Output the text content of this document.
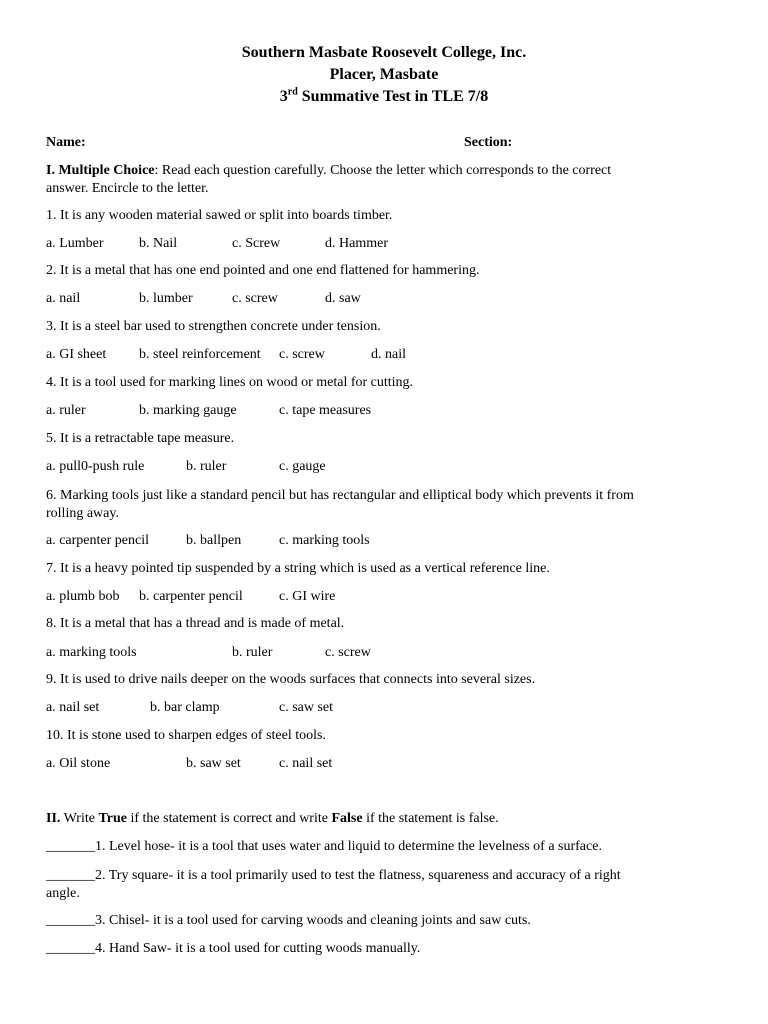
Southern Masbate Roosevelt College, Inc.
Placer, Masbate
3rd Summative Test in TLE 7/8
Name:	Section:
I. Multiple Choice: Read each question carefully. Choose the letter which corresponds to the correct
answer. Encircle to the letter.
1. It is any wooden material sawed or split into boards timber.
a. Lumber	b. Nail	c. Screw	d. Hammer
2. It is a metal that has one end pointed and one end flattened for hammering.
a. nail	b. lumber	c. screw	d. saw
3. It is a steel bar used to strengthen concrete under tension.
a. GI sheet b. steel reinforcement c. screw	d. nail
4. It is a tool used for marking lines on wood or metal for cutting.
a. ruler	b. marking gauge	c. tape measures
5. It is a retractable tape measure.
a. pull0-push rule	b. ruler	c. gauge
6. Marking tools just like a standard pencil but has rectangular and elliptical body which prevents it from
rolling away.
a. carpenter pencil	b. ballpen	c. marking tools
7. It is a heavy pointed tip suspended by a string which is used as a vertical reference line.
a. plumb bob b. carpenter pencil	c. GI wire
8. It is a metal that has a thread and is made of metal.
a. marking tools	b. ruler	c. screw
9. It is used to drive nails deeper on the woods surfaces that connects into several sizes.
a. nail set	b. bar clamp	c. saw set
10. It is stone used to sharpen edges of steel tools.
a. Oil stone	b. saw set	c. nail set
II. Write True if the statement is correct and write False if the statement is false.
_______1. Level hose- it is a tool that uses water and liquid to determine the levelness of a surface.
_______2. Try square- it is a tool primarily used to test the flatness, squareness and accuracy of a right
angle.
_______3. Chisel- it is a tool used for carving woods and cleaning joints and saw cuts.
_______4. Hand Saw- it is a tool used for cutting woods manually.
